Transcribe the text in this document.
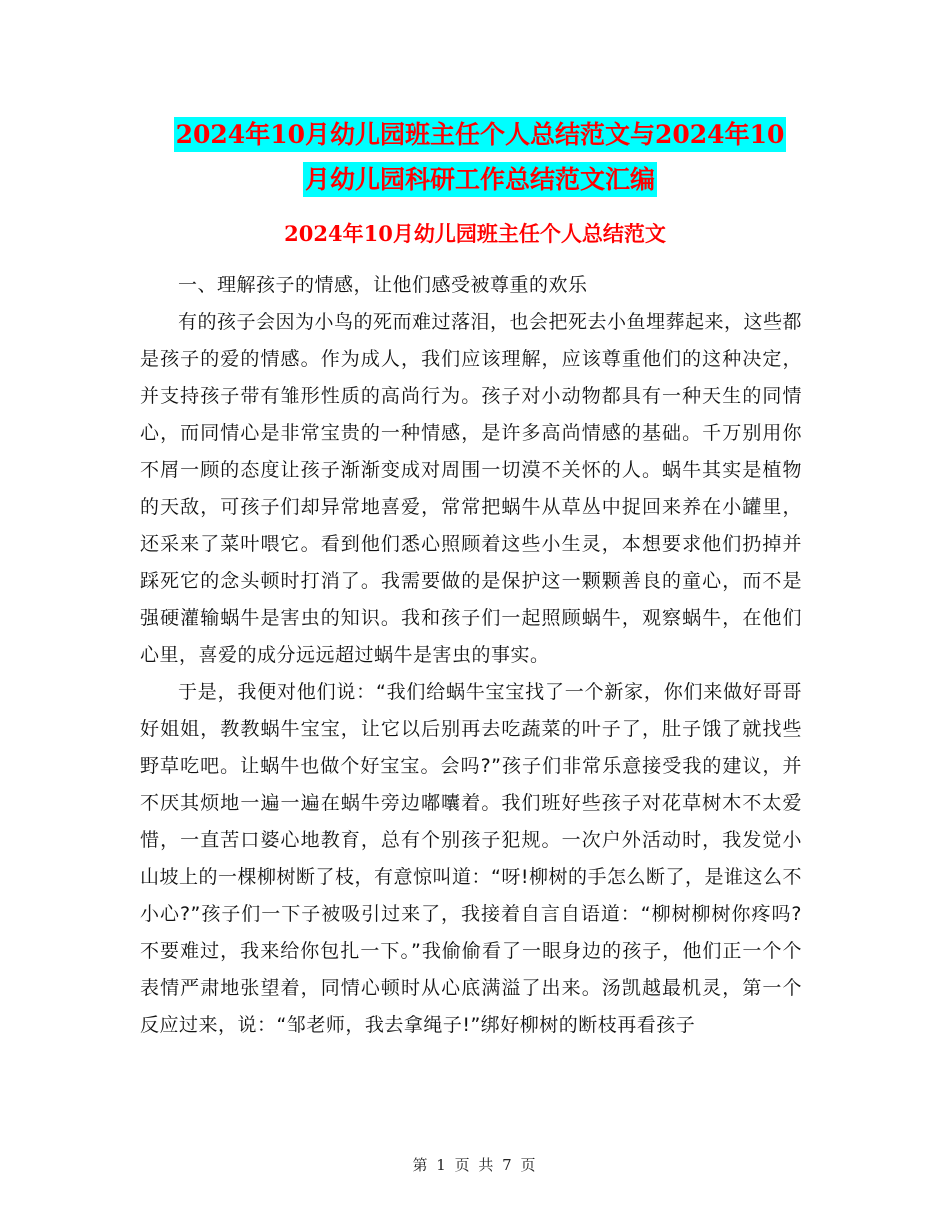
2024年10月幼儿园班主任个人总结范文与2024年10
月幼儿园科研工作总结范文汇编
2024年10月幼儿园班主任个人总结范文

一、理解孩子的情感，让他们感受被尊重的欢乐

有的孩子会因为小鸟的死而难过落泪，也会把死去小鱼埋葬起来，这些都是孩子的爱的情感。作为成人，我们应该理解，应该尊重他们的这种决定，并支持孩子带有雏形性质的高尚行为。孩子对小动物都具有一种天生的同情心，而同情心是非常宝贵的一种情感，是许多高尚情感的基础。千万别用你不屑一顾的态度让孩子渐渐变成对周围一切漠不关怀的人。蜗牛其实是植物的天敌，可孩子们却异常地喜爱，常常把蜗牛从草丛中捉回来养在小罐里，还采来了菜叶喂它。看到他们悉心照顾着这些小生灵，本想要求他们扔掉并踩死它的念头顿时打消了。我需要做的是保护这一颗颗善良的童心，而不是强硬灌输蜗牛是害虫的知识。我和孩子们一起照顾蜗牛，观察蜗牛，在他们心里，喜爱的成分远远超过蜗牛是害虫的事实。

于是，我便对他们说：“我们给蜗牛宝宝找了一个新家，你们来做好哥哥好姐姐，教教蜗牛宝宝，让它以后别再去吃蔬菜的叶子了，肚子饿了就找些野草吃吧。让蜗牛也做个好宝宝。会吗?”孩子们非常乐意接受我的建议，并不厌其烦地一遍一遍在蜗牛旁边嘟囔着。我们班好些孩子对花草树木不太爱惜，一直苦口婆心地教育，总有个别孩子犯规。一次户外活动时，我发觉小山坡上的一棵柳树断了枝，有意惊叫道：“呀!柳树的手怎么断了，是谁这么不小心?”孩子们一下子被吸引过来了，我接着自言自语道：“柳树柳树你疼吗?不要难过，我来给你包扎一下。”我偷偷看了一眼身边的孩子，他们正一个个表情严肃地张望着，同情心顿时从心底满溢了出来。汤凯越最机灵，第一个反应过来，说：“邹老师，我去拿绳子!”绑好柳树的断枝再看孩子

第 1 页 共 7 页
